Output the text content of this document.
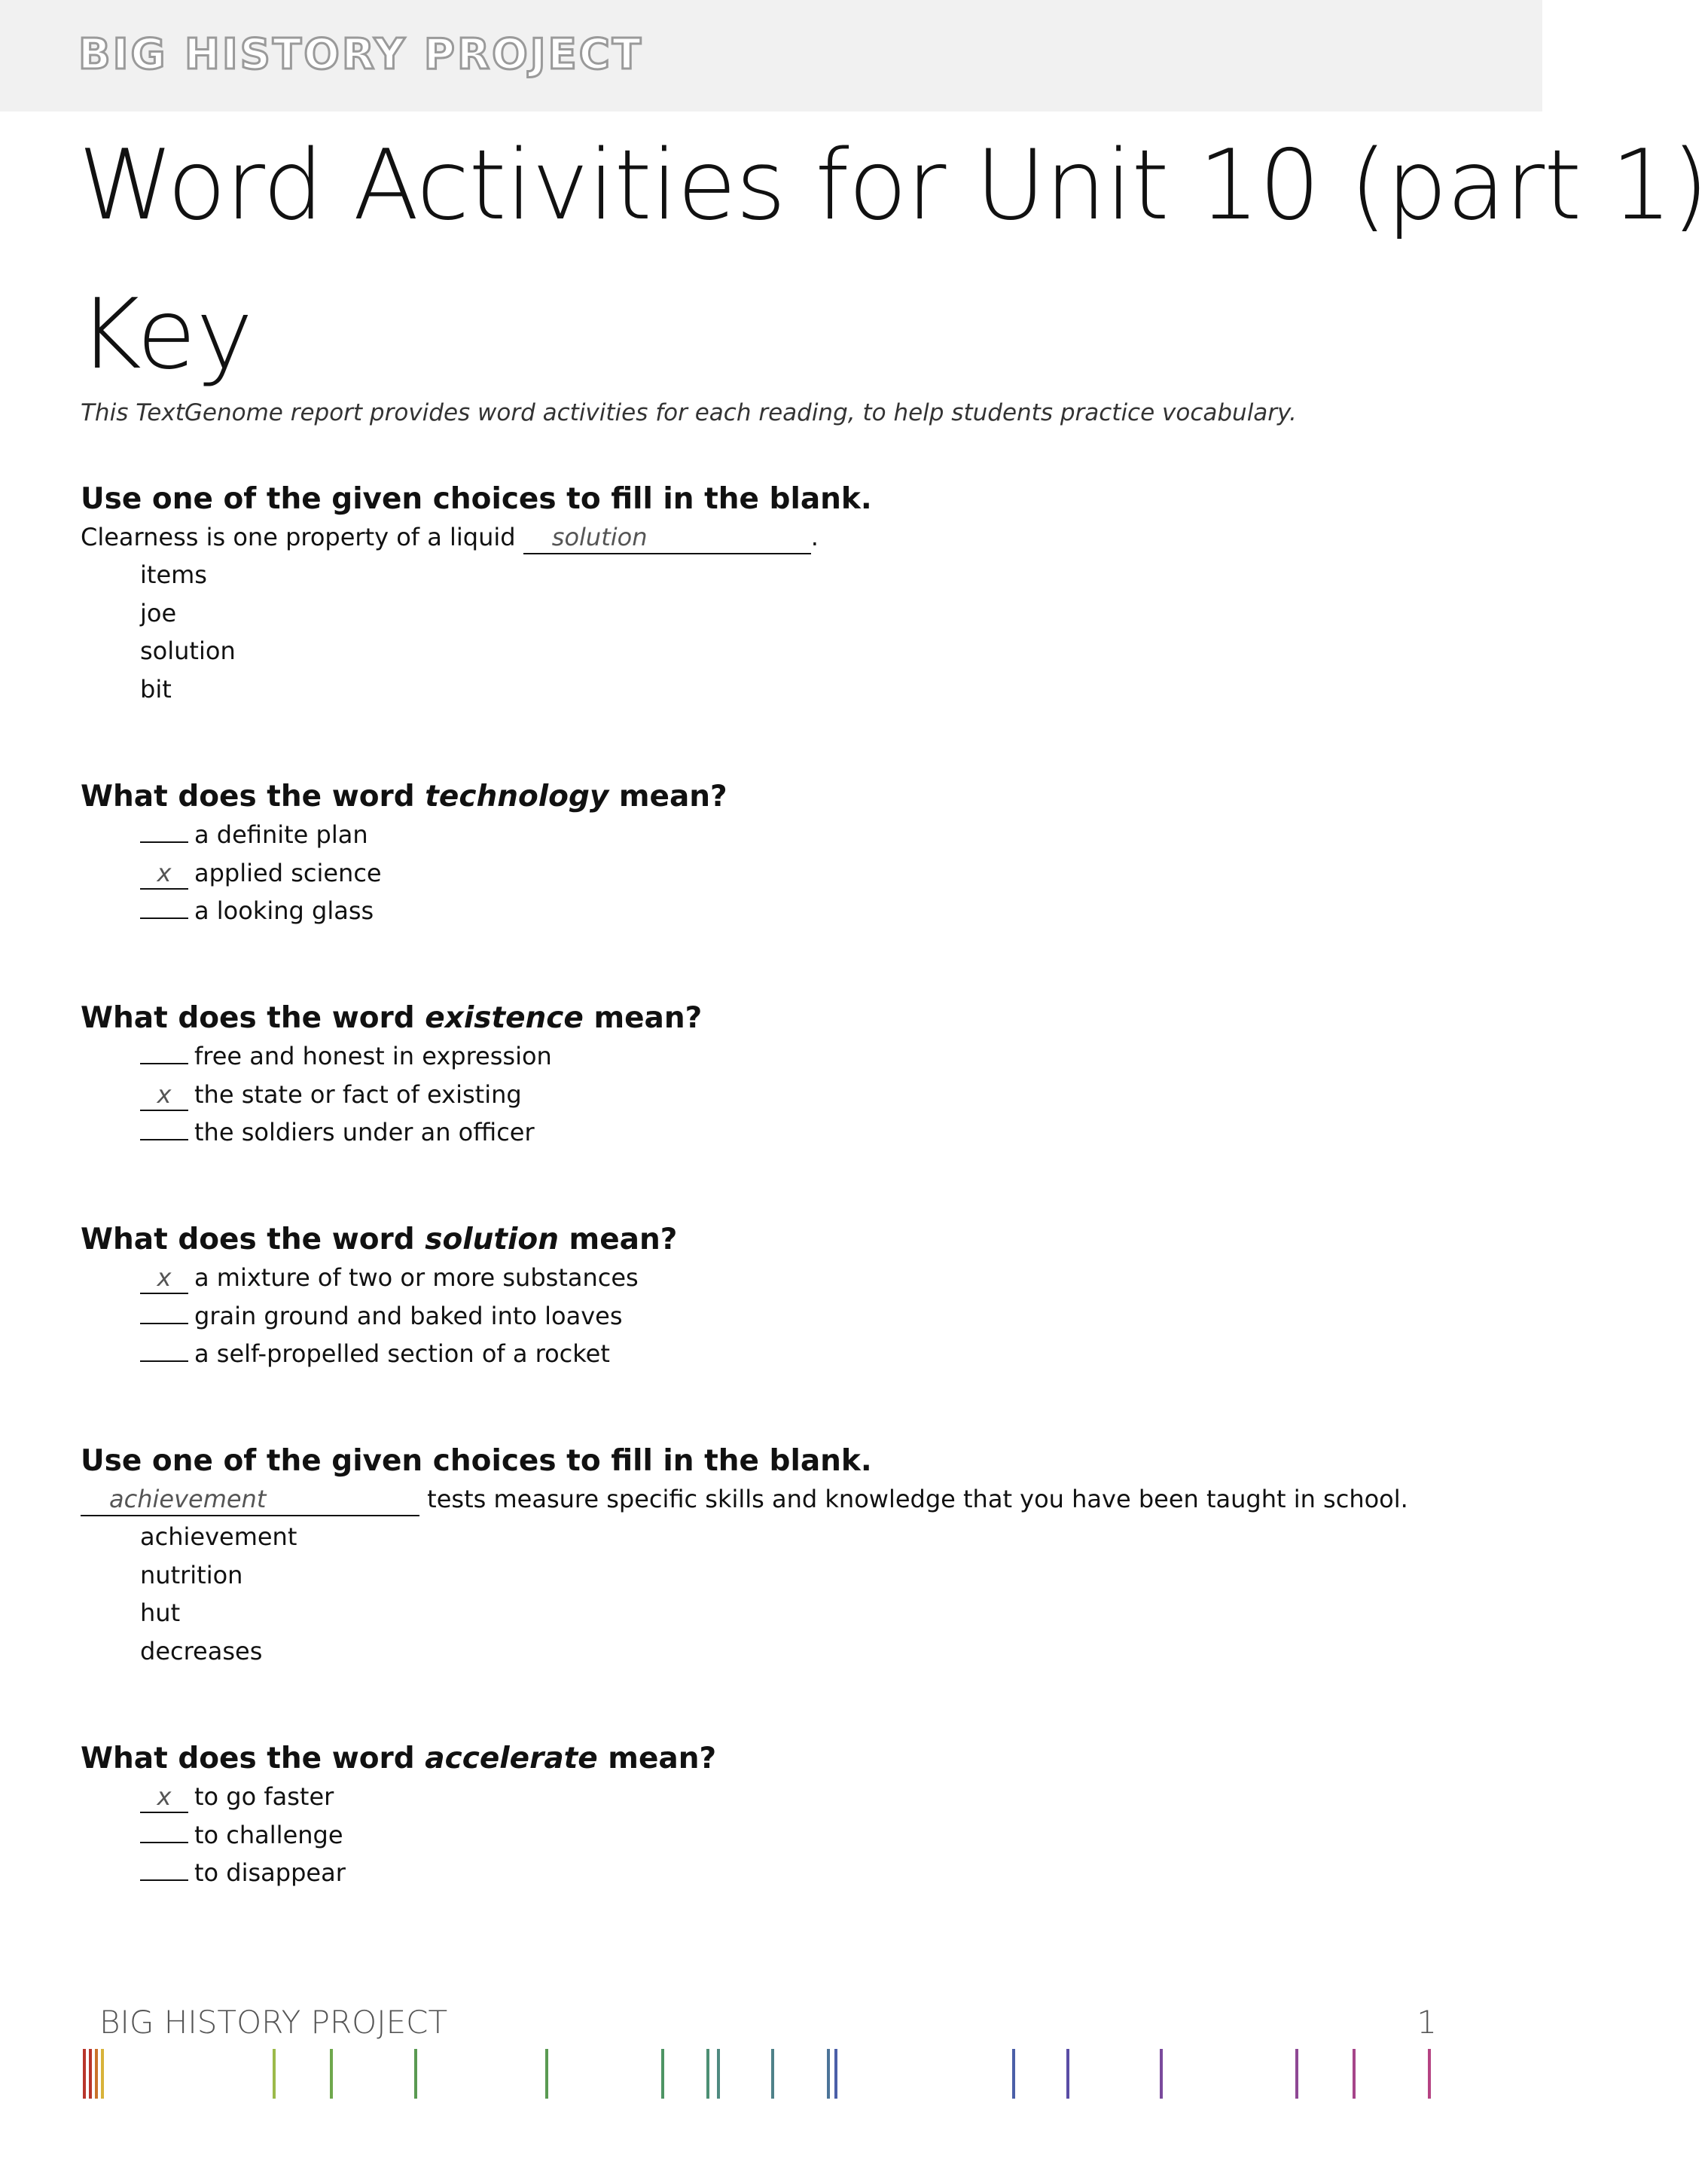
BIG HISTORY PROJECT
Word Activities for Unit 10 (part 1)
Key
This TextGenome report provides word activities for each reading, to help students practice vocabulary.
Use one of the given choices to fill in the blank.
Clearness is one property of a liquid solution	.
items
joe
solution
bit
What does the word technology mean?
a definite plan
x applied science
a looking glass
What does the word existence mean?
free and honest in expression
x the state or fact of existing
the soldiers under an officer
What does the word solution mean?
x a mixture of two or more substances
grain ground and baked into loaves
a self-propelled section of a rocket
Use one of the given choices to fill in the blank.
achievement	tests measure specific skills and knowledge that you have been taught in school.
achievement
nutrition
hut
decreases
What does the word accelerate mean?
x to go faster
to challenge
to disappear
BIG HISTORY PROJECT	1
